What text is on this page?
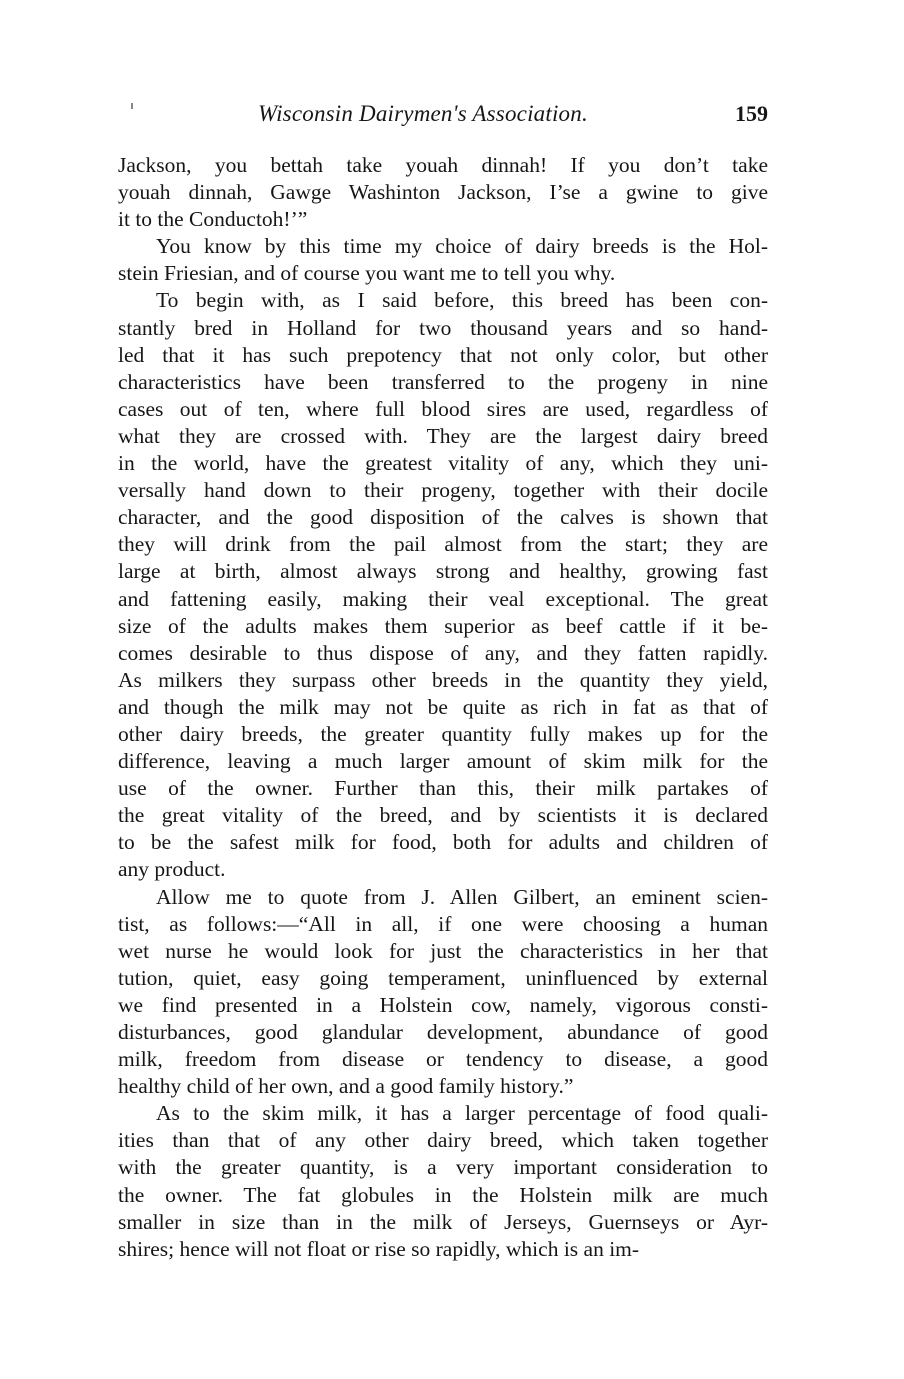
Wisconsin Dairymen's Association.	159
Jackson, you bettah take youah dinnah! If you don’t take
youah dinnah, Gawge Washinton Jackson, I’se a gwine to give
it to the Conductoh!’”
You know by this time my choice of dairy breeds is the Hol-
stein Friesian, and of course you want me to tell you why.
To begin with, as I said before, this breed has been con-
stantly bred in Holland for two thousand years and so hand-
led that it has such prepotency that not only color, but other
characteristics have been transferred to the progeny in nine
cases out of ten, where full blood sires are used, regardless of
what they are crossed with. They are the largest dairy breed
in the world, have the greatest vitality of any, which they uni-
versally hand down to their progeny, together with their docile
character, and the good disposition of the calves is shown that
they will drink from the pail almost from the start; they are
large at birth, almost always strong and healthy, growing fast
and fattening easily, making their veal exceptional. The great
size of the adults makes them superior as beef cattle if it be-
comes desirable to thus dispose of any, and they fatten rapidly.
As milkers they surpass other breeds in the quantity they yield,
and though the milk may not be quite as rich in fat as that of
other dairy breeds, the greater quantity fully makes up for the
difference, leaving a much larger amount of skim milk for the
use of the owner. Further than this, their milk partakes of
the great vitality of the breed, and by scientists it is declared
to be the safest milk for food, both for adults and children of
any product.
Allow me to quote from J. Allen Gilbert, an eminent scien-
tist, as follows:—“All in all, if one were choosing a human
wet nurse he would look for just the characteristics in her that
tution, quiet, easy going temperament, uninfluenced by external
we find presented in a Holstein cow, namely, vigorous consti-
disturbances, good glandular development, abundance of good
milk, freedom from disease or tendency to disease, a good
healthy child of her own, and a good family history.”
As to the skim milk, it has a larger percentage of food quali-
ities than that of any other dairy breed, which taken together
with the greater quantity, is a very important consideration to
the owner. The fat globules in the Holstein milk are much
smaller in size than in the milk of Jerseys, Guernseys or Ayr-
shires; hence will not float or rise so rapidly, which is an im-
